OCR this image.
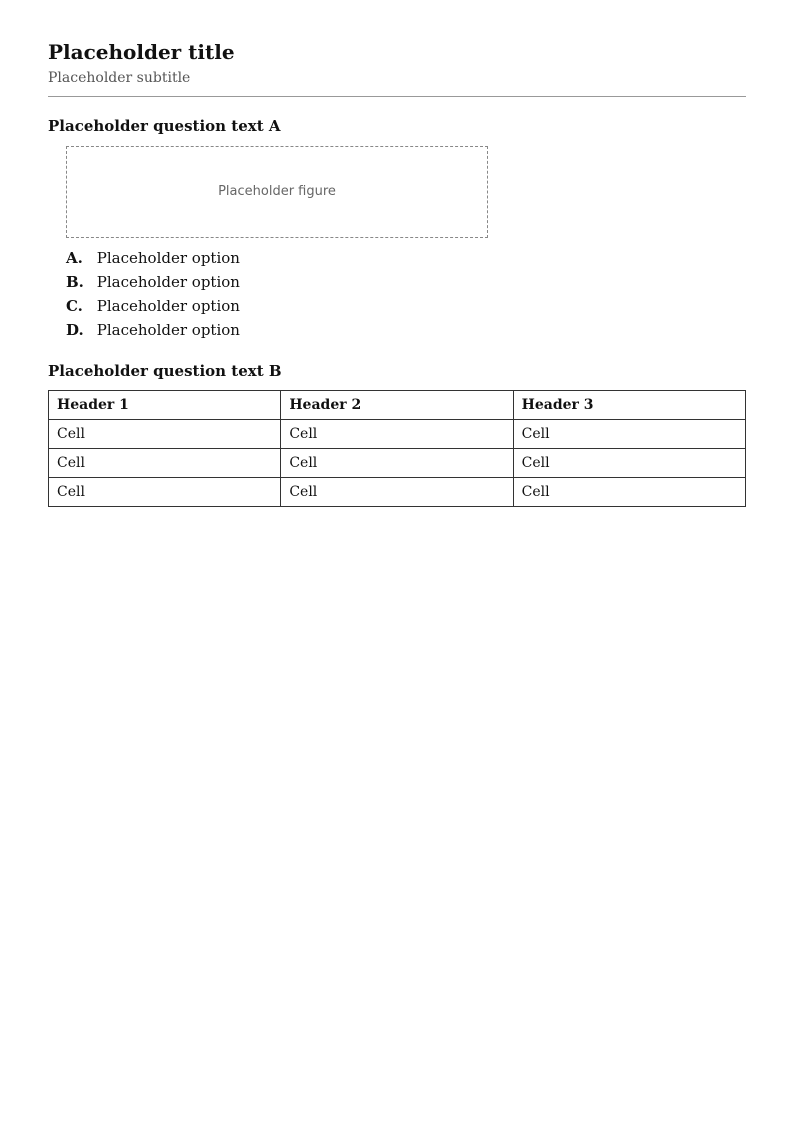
Placeholder title

Placeholder subtitle

Placeholder question text A
Placeholder figure
A. Placeholder option
B. Placeholder option
C. Placeholder option
D. Placeholder option
Placeholder question text B
Header 1	Header 2	Header 3
Cell	Cell	Cell
Cell	Cell	Cell
Cell	Cell	Cell
